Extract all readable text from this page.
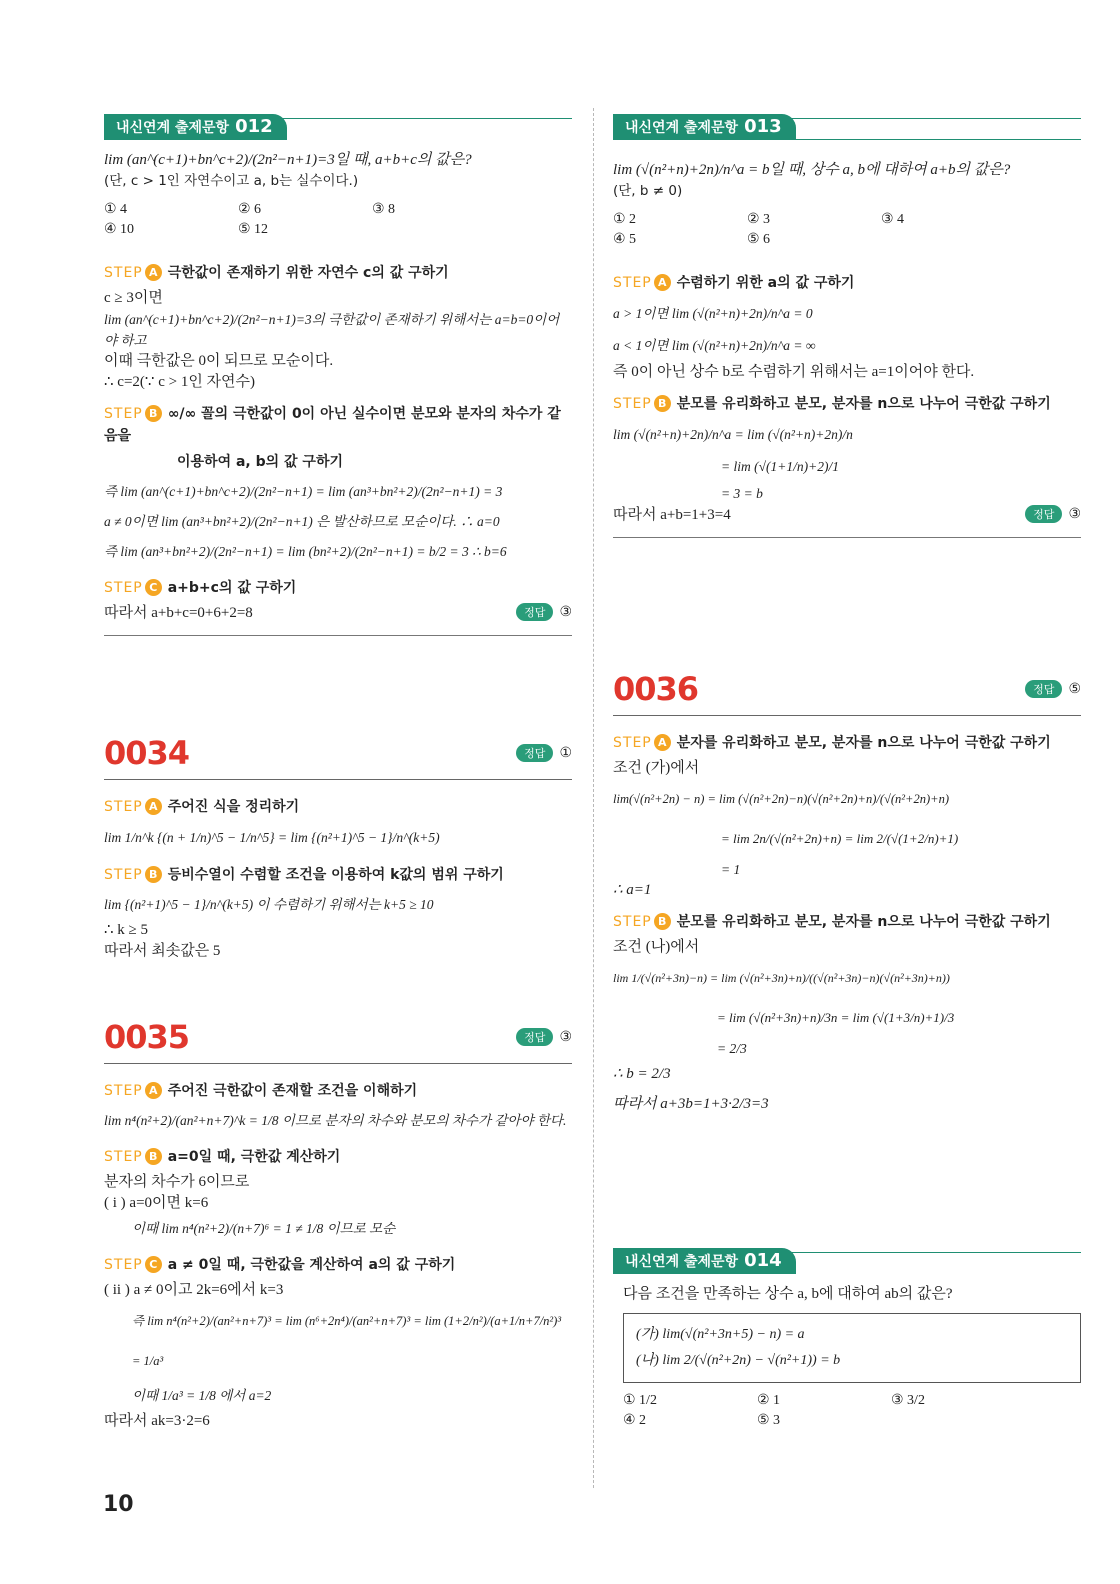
내신연계 출제문항 012

lim (an^(c+1)+bn^c+2)/(2n²−n+1)=3일 때, a+b+c의 값은?

(단, c > 1인 자연수이고 a, b는 실수이다.)

① 4	② 6	③ 8
④ 10	⑤ 12
STEP A 극한값이 존재하기 위한 자연수 c의 값 구하기

c ≥ 3이면

lim (an^(c+1)+bn^c+2)/(2n²−n+1)=3의 극한값이 존재하기 위해서는 a=b=0이어야 하고

이때 극한값은 0이 되므로 모순이다.

∴ c=2(∵ c > 1인 자연수)

STEP B ∞/∞ 꼴의 극한값이 0이 아닌 실수이면 분모와 분자의 차수가 같음을
이용하여 a, b의 값 구하기

즉 lim (an^(c+1)+bn^c+2)/(2n²−n+1) = lim (an³+bn²+2)/(2n²−n+1) = 3

a ≠ 0이면 lim (an³+bn²+2)/(2n²−n+1) 은 발산하므로 모순이다. ∴ a=0

즉 lim (an³+bn²+2)/(2n²−n+1) = lim (bn²+2)/(2n²−n+1) = b/2 = 3 ∴ b=6

STEP C a+b+c의 값 구하기

따라서 a+b+c=0+6+2=8	정답	③
0034	정답	①
STEP A 주어진 식을 정리하기

lim 1/n^k {(n + 1/n)^5 − 1/n^5} = lim {(n²+1)^5 − 1}/n^(k+5)

STEP B 등비수열이 수렴할 조건을 이용하여 k값의 범위 구하기

lim {(n²+1)^5 − 1}/n^(k+5) 이 수렴하기 위해서는 k+5 ≥ 10

∴ k ≥ 5

따라서 최솟값은 5

0035	정답	③
STEP A 주어진 극한값이 존재할 조건을 이해하기

lim n⁴(n²+2)/(an²+n+7)^k = 1/8 이므로 분자의 차수와 분모의 차수가 같아야 한다.

STEP B a=0일 때, 극한값 계산하기

분자의 차수가 6이므로

( i ) a=0이면 k=6

이때 lim n⁴(n²+2)/(n+7)⁶ = 1 ≠ 1/8 이므로 모순

STEP C a ≠ 0일 때, 극한값을 계산하여 a의 값 구하기

( ii ) a ≠ 0이고 2k=6에서 k=3

즉 lim n⁴(n²+2)/(an²+n+7)³ = lim (n⁶+2n⁴)/(an²+n+7)³ = lim (1+2/n²)/(a+1/n+7/n²)³ = 1/a³

이때 1/a³ = 1/8 에서 a=2

따라서 ak=3·2=6

내신연계 출제문항 013

lim (√(n²+n)+2n)/n^a = b일 때, 상수 a, b에 대하여 a+b의 값은?

(단, b ≠ 0)

① 2	② 3	③ 4
④ 5	⑤ 6
STEP A 수렴하기 위한 a의 값 구하기

a > 1이면 lim (√(n²+n)+2n)/n^a = 0

a < 1이면 lim (√(n²+n)+2n)/n^a = ∞

즉 0이 아닌 상수 b로 수렴하기 위해서는 a=1이어야 한다.

STEP B 분모를 유리화하고 분모, 분자를 n으로 나누어 극한값 구하기

lim (√(n²+n)+2n)/n^a = lim (√(n²+n)+2n)/n

= lim (√(1+1/n)+2)/1

= 3 = b

따라서 a+b=1+3=4	정답	③
0036	정답	⑤
STEP A 분자를 유리화하고 분모, 분자를 n으로 나누어 극한값 구하기

조건 (가)에서

lim(√(n²+2n) − n) = lim (√(n²+2n)−n)(√(n²+2n)+n)/(√(n²+2n)+n)

= lim 2n/(√(n²+2n)+n) = lim 2/(√(1+2/n)+1)

= 1

∴ a=1

STEP B 분모를 유리화하고 분모, 분자를 n으로 나누어 극한값 구하기

조건 (나)에서

lim 1/(√(n²+3n)−n) = lim (√(n²+3n)+n)/((√(n²+3n)−n)(√(n²+3n)+n))

= lim (√(n²+3n)+n)/3n = lim (√(1+3/n)+1)/3

= 2/3

∴ b = 2/3

따라서 a+3b=1+3·2/3=3

내신연계 출제문항 014

다음 조건을 만족하는 상수 a, b에 대하여 ab의 값은?

(가) lim(√(n²+3n+5) − n) = a
(나) lim 2/(√(n²+2n) − √(n²+1)) = b
① 1/2	② 1	③ 3/2
④ 2	⑤ 3
10
